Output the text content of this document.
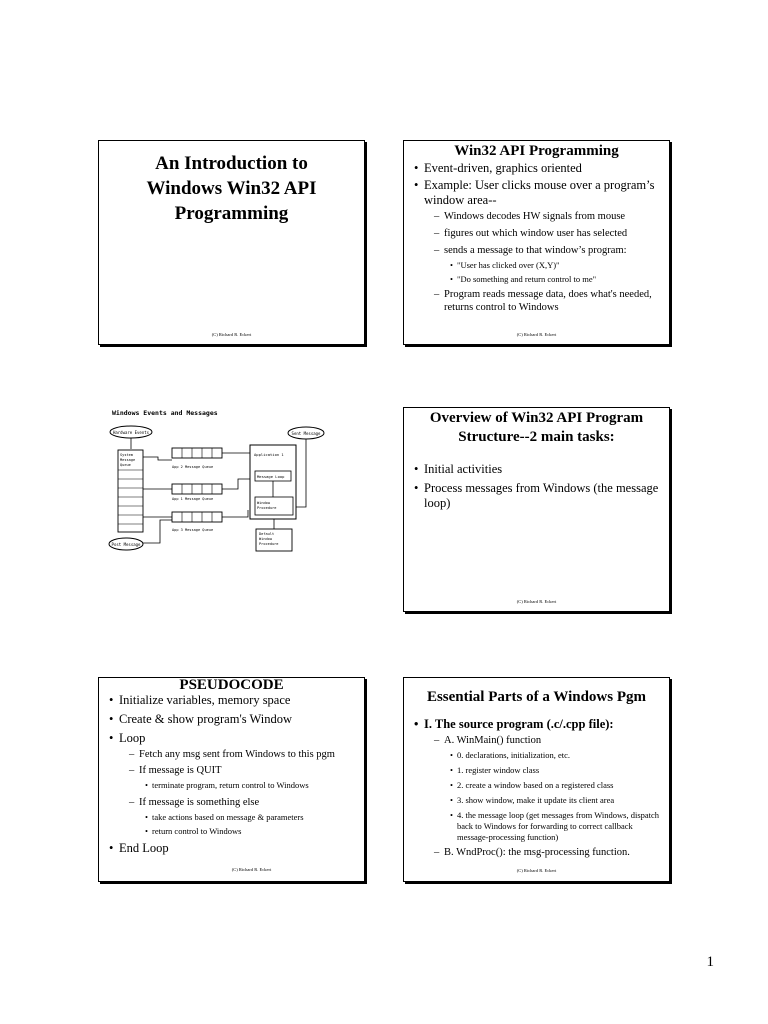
An Introduction to Windows Win32 API Programming
(C) Richard R. Eckert

Win32 API Programming

• Event-driven, graphics oriented
• Example: User clicks mouse over a program’s window area--
– Windows decodes HW signals from mouse
– figures out which window user has selected
– sends a message to that window’s program:
• "User has clicked over (X,Y)"
• "Do something and return control to me"
– Program reads message data, does what's needed, returns control to Windows
(C) Richard R. Eckert
Windows Events and Messages
Hardware Events
System
Message
Queue	App 2 Message Queue
App 1 Message Queue
App 3 Message Queue
Sent Message
Application 1
Message Loop
Window
Procedure
Default
Window
Procedure
Post Message

Overview of Win32 API Program Structure--2 main tasks:

• Initial activities
• Process messages from Windows (the message loop)
(C) Richard R. Eckert

PSEUDOCODE

• Initialize variables, memory space
• Create & show program's Window
• Loop
– Fetch any msg sent from Windows to this pgm
– If message is QUIT
• terminate program, return control to Windows
– If message is something else
• take actions based on message & parameters
• return control to Windows
• End Loop
(C) Richard R. Eckert

Essential Parts of a Windows Pgm

• I. The source program (.c/.cpp file):
– A. WinMain() function
• 0. declarations, initialization, etc.
• 1. register window class
• 2. create a window based on a registered class
• 3. show window, make it update its client area
• 4. the message loop (get messages from Windows, dispatch back to Windows for forwarding to correct callback message-processing function)
– B. WndProc(): the msg-processing function.
(C) Richard R. Eckert
1
